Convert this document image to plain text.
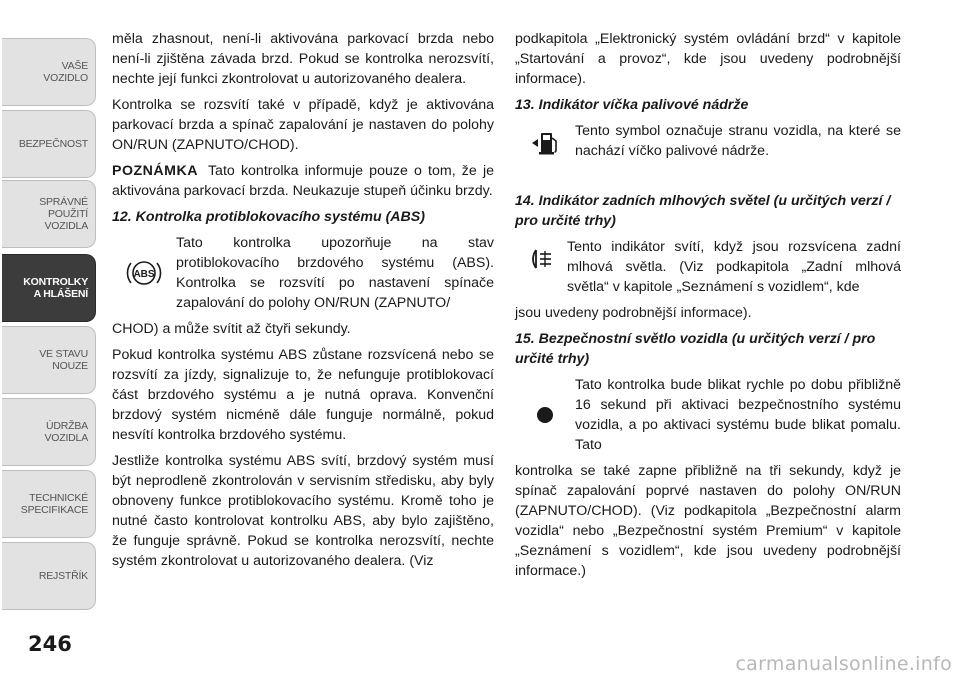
VAŠE
VOZIDLO
BEZPEČNOST
SPRÁVNÉ
POUŽITÍ
VOZIDLA
KONTROLKY
A HLÁŠENÍ
VE STAVU
NOUZE
ÚDRŽBA
VOZIDLA
TECHNICKÉ
SPECIFIKACE
REJSTŘÍK
246

měla zhasnout, není-li aktivována parkovací brzda nebo není-li zjištěna závada brzd. Pokud se kontrolka nerozsvítí, nechte její funkci zkontrolovat u autorizovaného dealera.

Kontrolka se rozsvítí také v případě, když je aktivována parkovací brzda a spínač zapalování je nastaven do polohy ON/RUN (ZAPNUTO/CHOD).

POZNÁMKA Tato kontrolka informuje pouze o tom, že je aktivována parkovací brzda. Neukazuje stupeň účinku brzdy.

12. Kontrolka protiblokovacího systému (ABS)

ABS

Tato kontrolka upozorňuje na stav protiblokovacího brzdového systému (ABS). Kontrolka se rozsvítí po nastavení spínače zapalování do polohy ON/RUN (ZAPNUTO/

CHOD) a může svítit až čtyři sekundy.

Pokud kontrolka systému ABS zůstane rozsvícená nebo se rozsvítí za jízdy, signalizuje to, že nefunguje protiblokovací část brzdového systému a je nutná oprava. Konvenční brzdový systém nicméně dále funguje normálně, pokud nesvítí kontrolka brzdového systému.

Jestliže kontrolka systému ABS svítí, brzdový systém musí být neprodleně zkontrolován v servisním středisku, aby byly obnoveny funkce protiblokovacího systému. Kromě toho je nutné často kontrolovat kontrolku ABS, aby bylo zajištěno, že funguje správně. Pokud se kontrolka nerozsvítí, nechte systém zkontrolovat u autorizovaného dealera. (Viz

podkapitola „Elektronický systém ovládání brzd“ v kapitole „Startování a provoz“, kde jsou uvedeny podrobnější informace).

13. Indikátor víčka palivové nádrže

Tento symbol označuje stranu vozidla, na které se nachází víčko palivové nádrže.

14. Indikátor zadních mlhových světel (u určitých verzí / pro určité trhy)

Tento indikátor svítí, když jsou rozsvícena zadní mlhová světla. (Viz podkapitola „Zadní mlhová světla“ v kapitole „Seznámení s vozidlem“, kde

jsou uvedeny podrobnější informace).

15. Bezpečnostní světlo vozidla (u určitých verzí / pro určité trhy)

Tato kontrolka bude blikat rychle po dobu přibližně 16 sekund při aktivaci bezpečnostního systému vozidla, a po aktivaci systému bude blikat pomalu. Tato

kontrolka se také zapne přibližně na tři sekundy, když je spínač zapalování poprvé nastaven do polohy ON/RUN (ZAPNUTO/CHOD). (Viz podkapitola „Bezpečnostní alarm vozidla“ nebo „Bezpečnostní systém Premium“ v kapitole „Seznámení s vozidlem“, kde jsou uvedeny podrobnější informace.)

carmanualsonline.info
